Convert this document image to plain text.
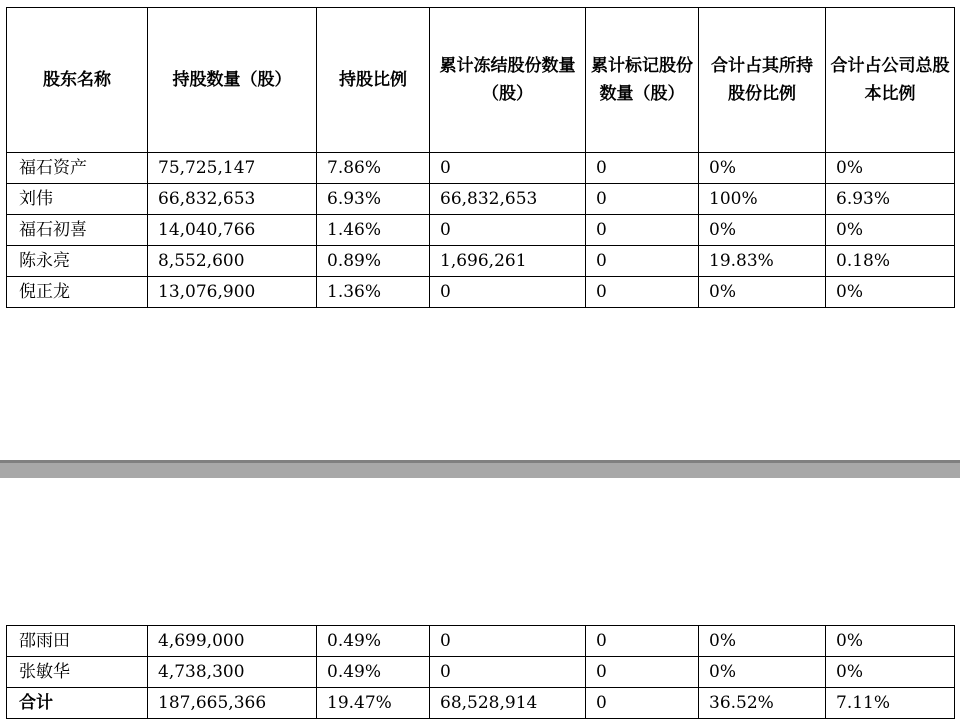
股东名称	持股数量（股）	持股比例	累计冻结股份数量（股）	累计标记股份数量（股）	合计占其所持股份比例	合计占公司总股本比例
福石资产	75,725,147	7.86%	0	0	0%	0%
刘伟	66,832,653	6.93%	66,832,653	0	100%	6.93%
福石初喜	14,040,766	1.46%	0	0	0%	0%
陈永亮	8,552,600	0.89%	1,696,261	0	19.83%	0.18%
倪正龙	13,076,900	1.36%	0	0	0%	0%
邵雨田	4,699,000	0.49%	0	0	0%	0%
张敏华	4,738,300	0.49%	0	0	0%	0%
合计	187,665,366	19.47%	68,528,914	0	36.52%	7.11%
